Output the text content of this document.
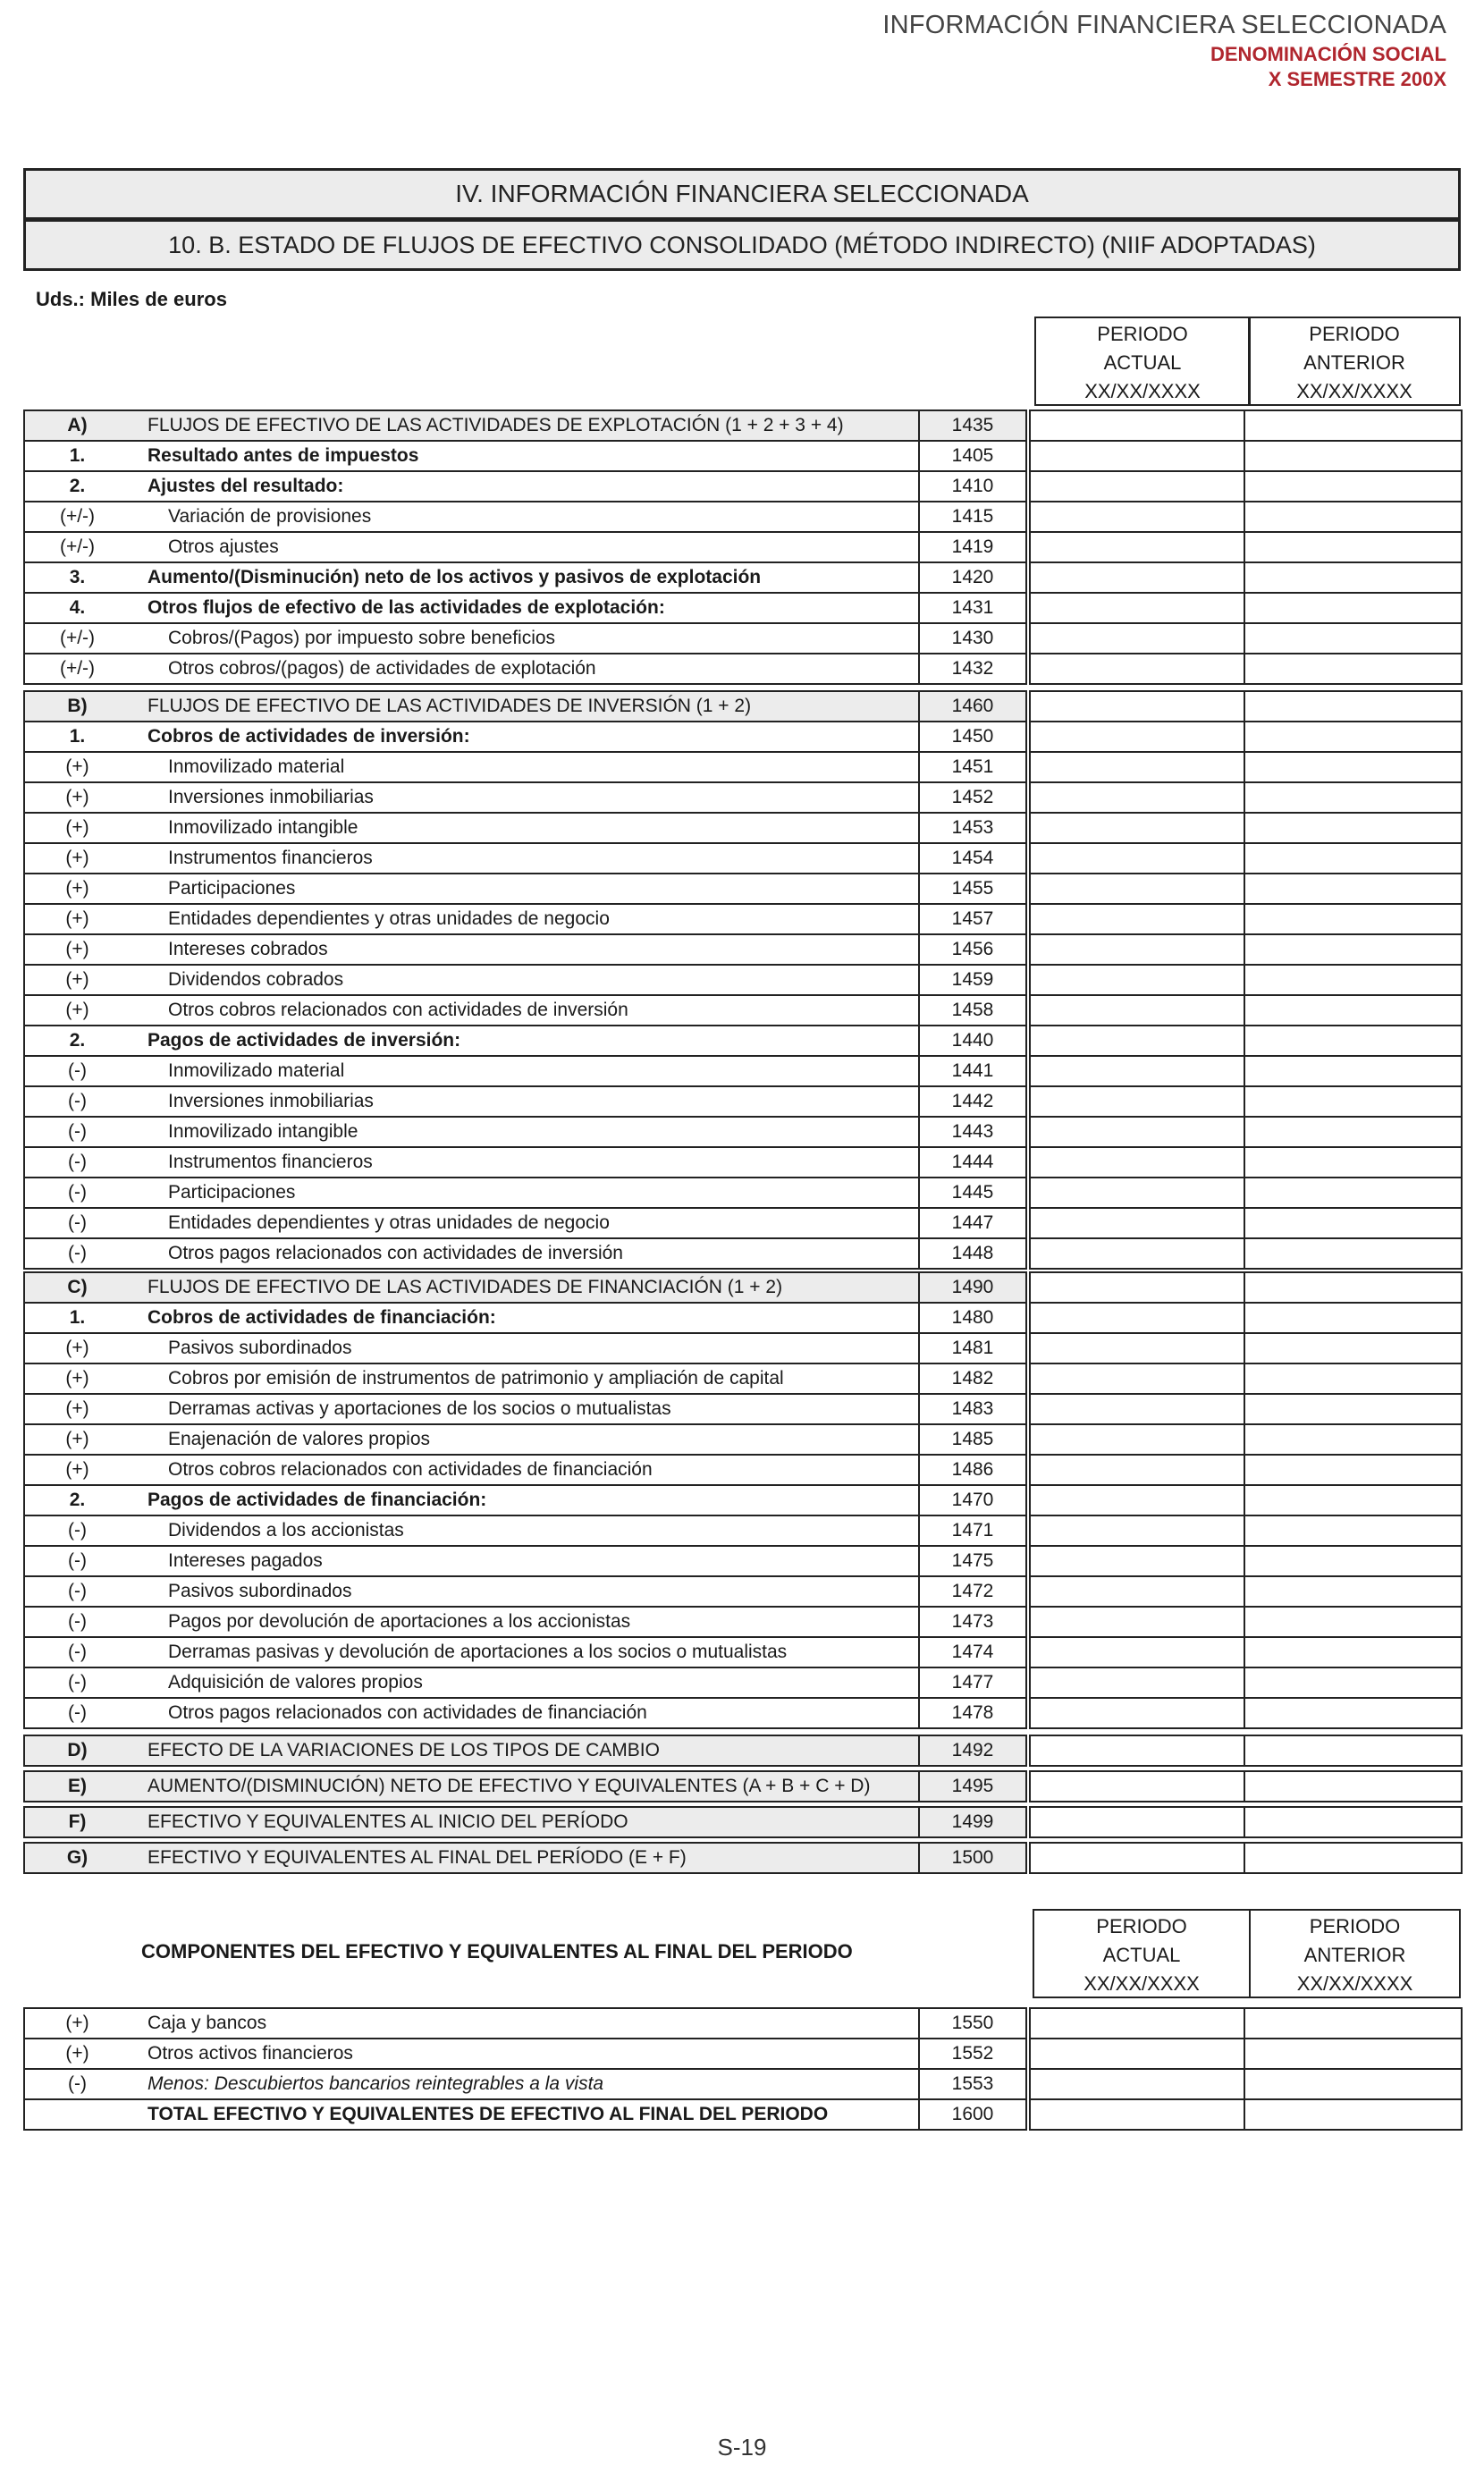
INFORMACIÓN FINANCIERA SELECCIONADA
DENOMINACIÓN SOCIAL
X SEMESTRE 200X
IV. INFORMACIÓN FINANCIERA SELECCIONADA
10. B. ESTADO DE FLUJOS DE EFECTIVO CONSOLIDADO (MÉTODO INDIRECTO) (NIIF ADOPTADAS)
Uds.: Miles de euros
PERIODO
ACTUAL
XX/XX/XXXX
PERIODO
ANTERIOR
XX/XX/XXXX
A)	FLUJOS DE EFECTIVO DE LAS ACTIVIDADES DE EXPLOTACIÓN (1 + 2 + 3 + 4)	1435			
1.	Resultado antes de impuestos	1405			
2.	Ajustes del resultado:	1410			
(+/-)	Variación de provisiones	1415			
(+/-)	Otros ajustes	1419			
3.	Aumento/(Disminución) neto de los activos y pasivos de explotación	1420			
4.	Otros flujos de efectivo de las actividades de explotación:	1431			
(+/-)	Cobros/(Pagos) por impuesto sobre beneficios	1430			
(+/-)	Otros cobros/(pagos) de actividades de explotación	1432			
B)	FLUJOS DE EFECTIVO DE LAS ACTIVIDADES DE INVERSIÓN (1 + 2)	1460			
1.	Cobros de actividades de inversión:	1450			
(+)	Inmovilizado material	1451			
(+)	Inversiones inmobiliarias	1452			
(+)	Inmovilizado intangible	1453			
(+)	Instrumentos financieros	1454			
(+)	Participaciones	1455			
(+)	Entidades dependientes y otras unidades de negocio	1457			
(+)	Intereses cobrados	1456			
(+)	Dividendos cobrados	1459			
(+)	Otros cobros relacionados con actividades de inversión	1458			
2.	Pagos de actividades de inversión:	1440			
(-)	Inmovilizado material	1441			
(-)	Inversiones inmobiliarias	1442			
(-)	Inmovilizado intangible	1443			
(-)	Instrumentos financieros	1444			
(-)	Participaciones	1445			
(-)	Entidades dependientes y otras unidades de negocio	1447			
(-)	Otros pagos relacionados con actividades de inversión	1448			
C)	FLUJOS DE EFECTIVO DE LAS ACTIVIDADES DE FINANCIACIÓN (1 + 2)	1490			
1.	Cobros de actividades de financiación:	1480			
(+)	Pasivos subordinados	1481			
(+)	Cobros por emisión de instrumentos de patrimonio y ampliación de capital	1482			
(+)	Derramas activas y aportaciones de los socios o mutualistas	1483			
(+)	Enajenación de valores propios	1485			
(+)	Otros cobros relacionados con actividades de financiación	1486			
2.	Pagos de actividades de financiación:	1470			
(-)	Dividendos a los accionistas	1471			
(-)	Intereses pagados	1475			
(-)	Pasivos subordinados	1472			
(-)	Pagos por devolución de aportaciones a los accionistas	1473			
(-)	Derramas pasivas y devolución de aportaciones a los socios o mutualistas	1474			
(-)	Adquisición de valores propios	1477			
(-)	Otros pagos relacionados con actividades de financiación	1478			
D)	EFECTO DE LA VARIACIONES DE LOS TIPOS DE CAMBIO	1492			
E)	AUMENTO/(DISMINUCIÓN) NETO DE EFECTIVO Y EQUIVALENTES (A + B + C + D)	1495			
F)	EFECTIVO Y EQUIVALENTES AL INICIO DEL PERÍODO	1499			
G)	EFECTIVO Y EQUIVALENTES AL FINAL DEL PERÍODO (E + F)	1500			
(+)	Caja y bancos	1550			
(+)	Otros activos financieros	1552			
(-)	Menos: Descubiertos bancarios reintegrables a la vista	1553			
	TOTAL EFECTIVO Y EQUIVALENTES DE EFECTIVO AL FINAL DEL PERIODO	1600			
COMPONENTES DEL EFECTIVO Y EQUIVALENTES AL FINAL DEL PERIODO
PERIODO
ACTUAL
XX/XX/XXXX
PERIODO
ANTERIOR
XX/XX/XXXX
S-19
